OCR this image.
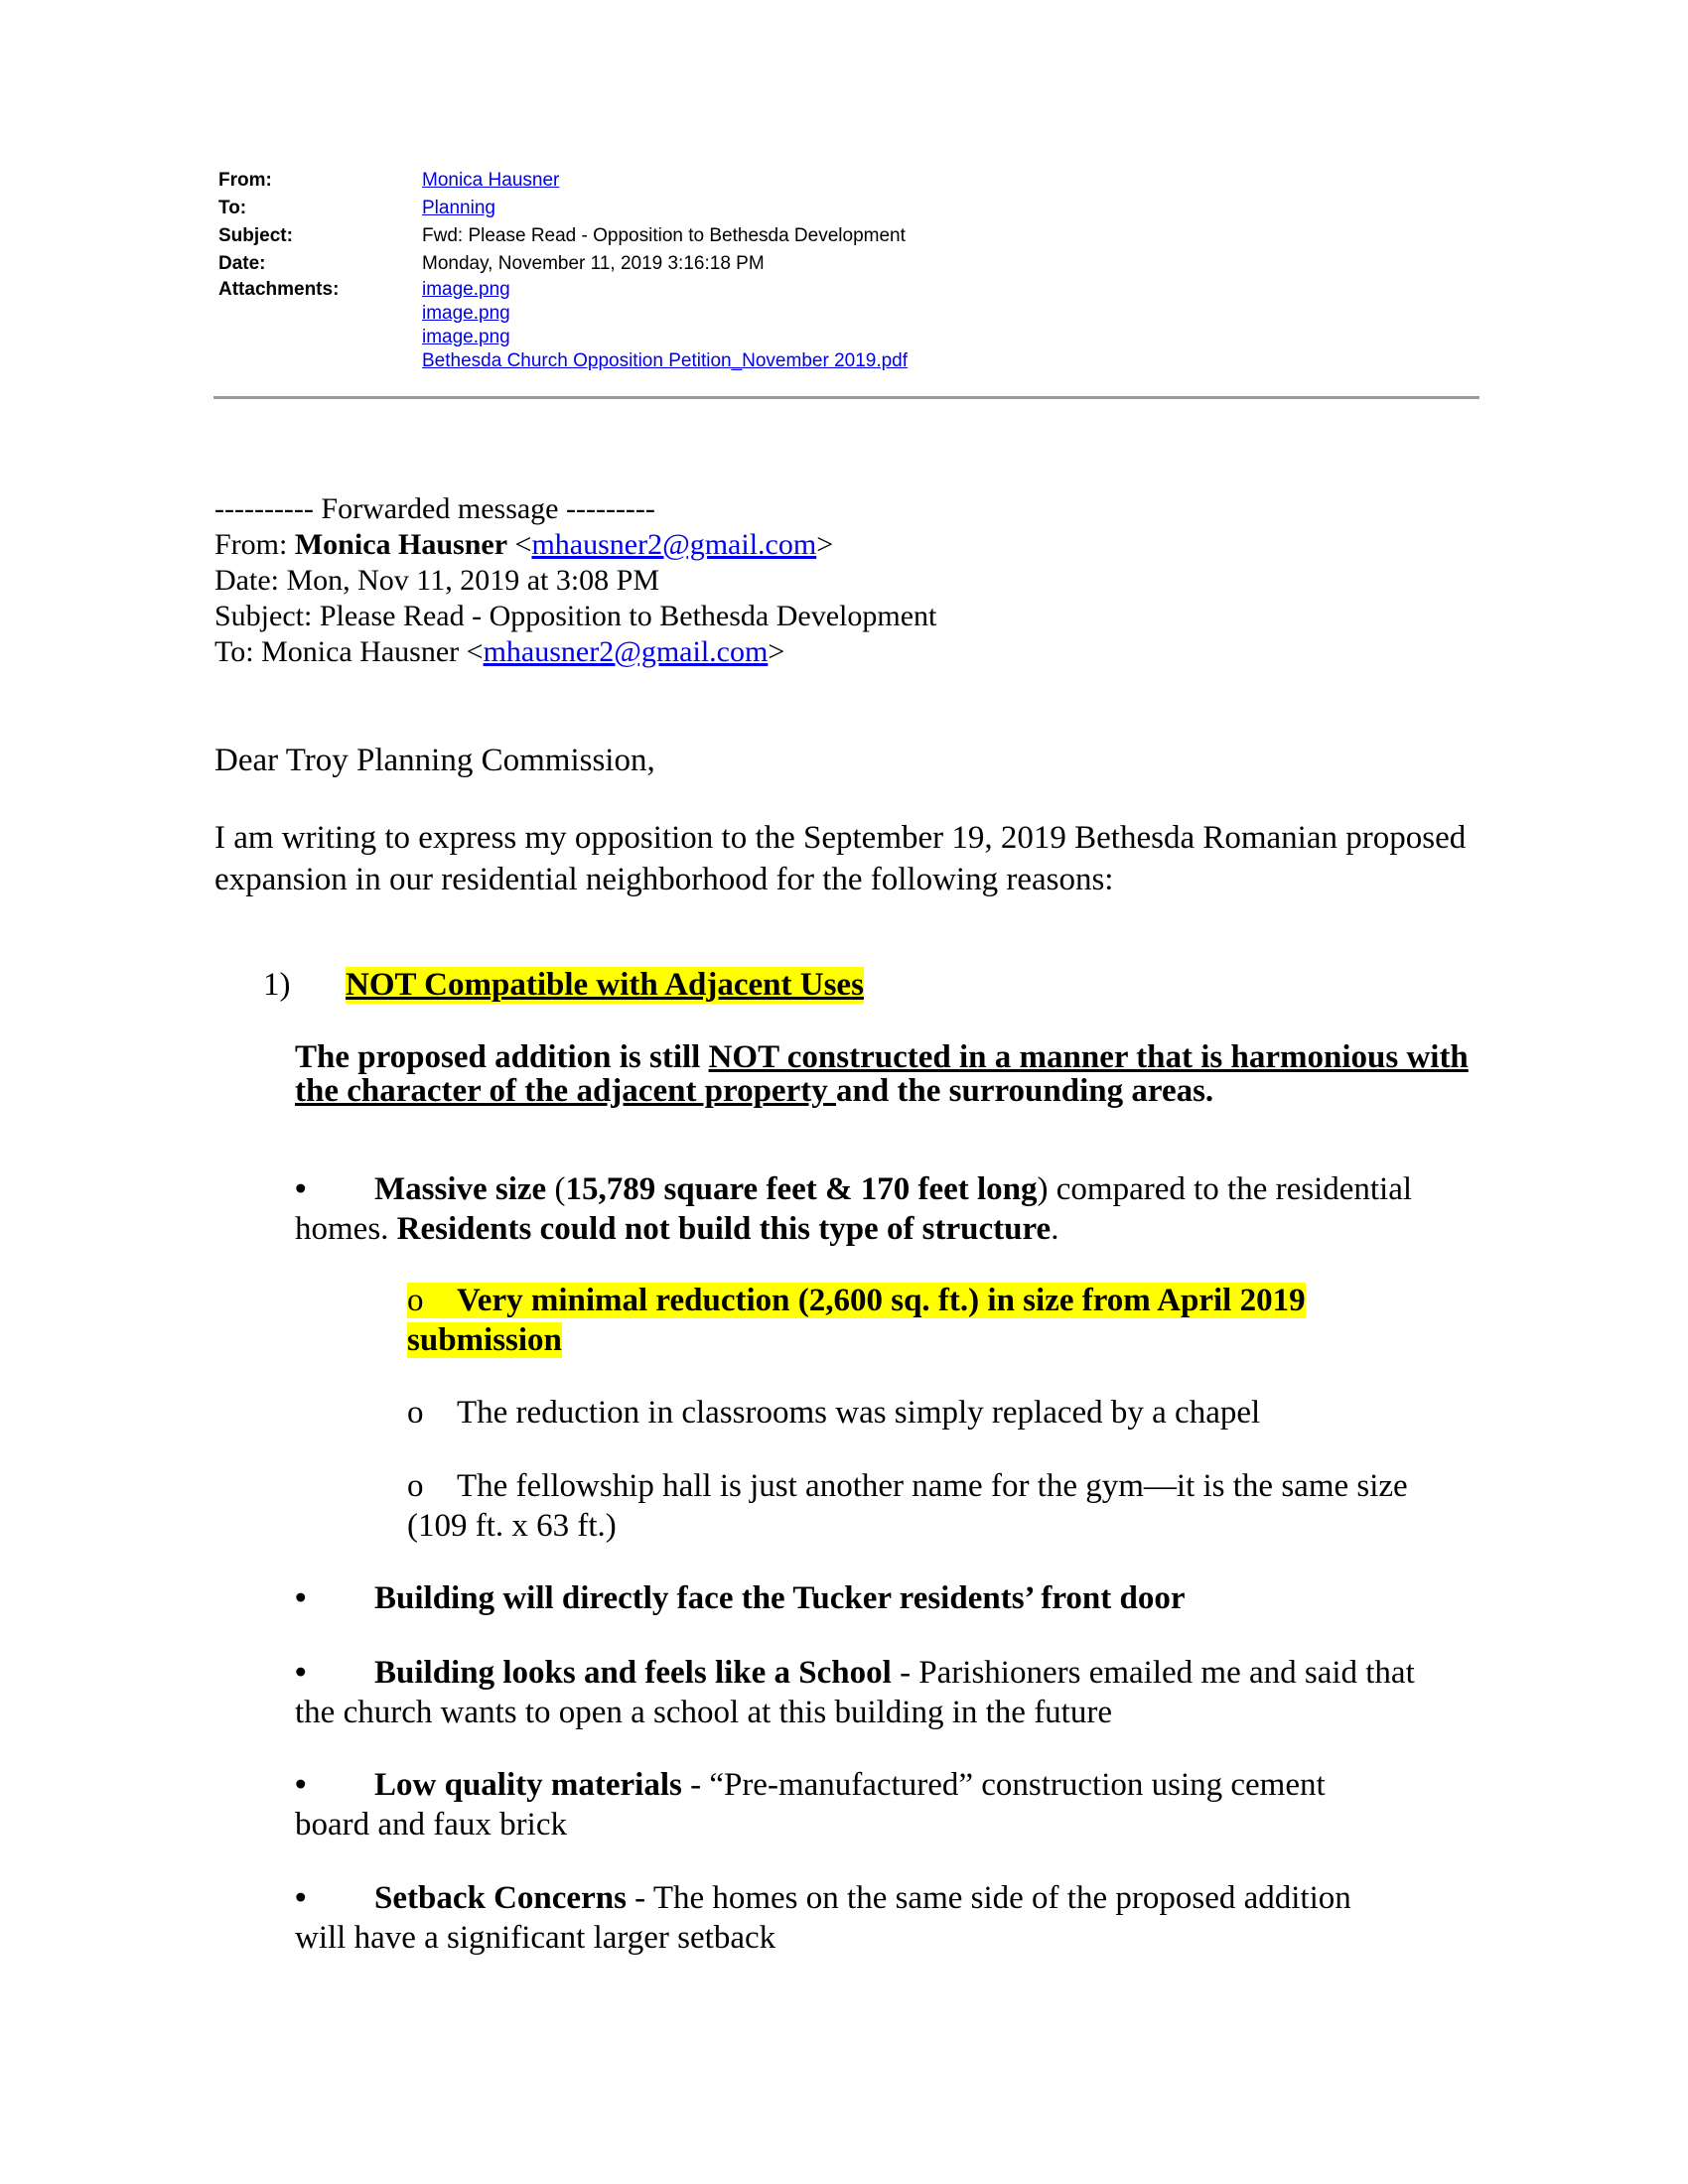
From:	Monica Hausner
To:	Planning
Subject:	Fwd: Please Read - Opposition to Bethesda Development
Date:	Monday, November 11, 2019 3:16:18 PM
Attachments:	image.png
image.png
image.png
Bethesda Church Opposition Petition_November 2019.pdf
---------- Forwarded message ---------
From: Monica Hausner <mhausner2@gmail.com>
Date: Mon, Nov 11, 2019 at 3:08 PM
Subject: Please Read - Opposition to Bethesda Development
To: Monica Hausner <mhausner2@gmail.com>
Dear Troy Planning Commission,
I am writing to express my opposition to the September 19, 2019 Bethesda Romanian proposed expansion in our residential neighborhood for the following reasons:
1)	NOT Compatible with Adjacent Uses
The proposed addition is still NOT constructed in a manner that is harmonious with the character of the adjacent property and the surrounding areas.
• Massive size (15,789 square feet & 170 feet long) compared to the residential homes. Residents could not build this type of structure.
o Very minimal reduction (2,600 sq. ft.) in size from April 2019 submission
o The reduction in classrooms was simply replaced by a chapel
o The fellowship hall is just another name for the gym—it is the same size (109 ft. x 63 ft.)
• Building will directly face the Tucker residents’ front door
• Building looks and feels like a School - Parishioners emailed me and said that the church wants to open a school at this building in the future
• Low quality materials - “Pre-manufactured” construction using cement board and faux brick
• Setback Concerns - The homes on the same side of the proposed addition will have a significant larger setback
